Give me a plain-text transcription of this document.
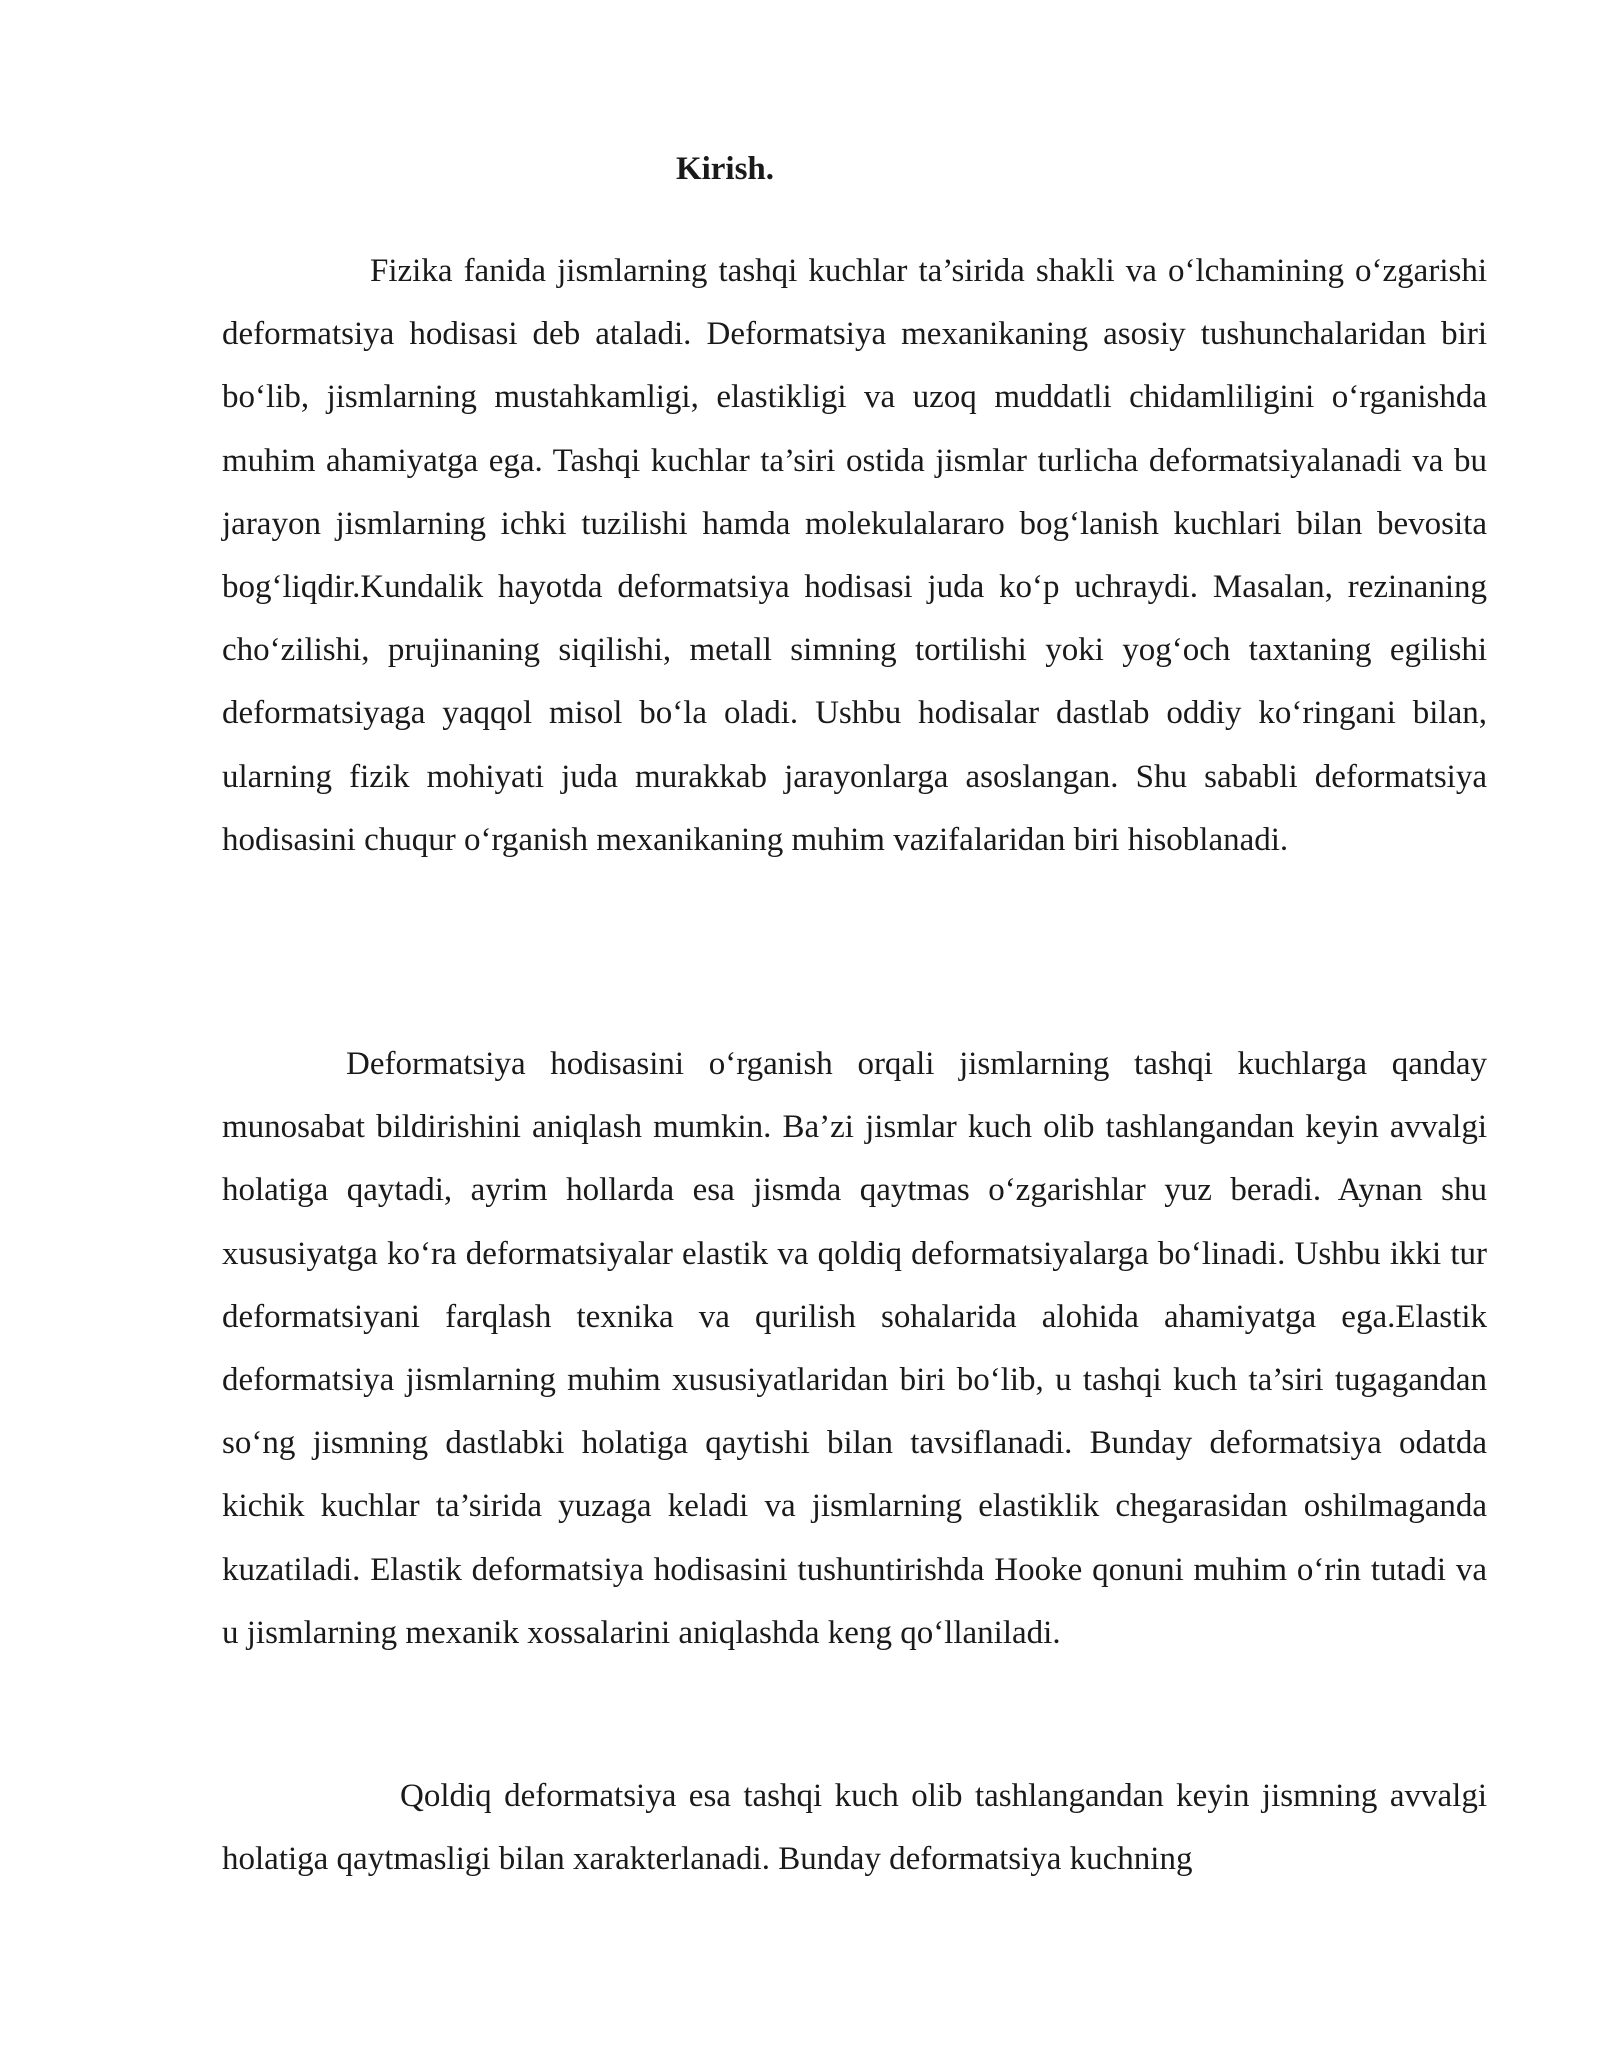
Kirish.

Fizika fanida jismlarning tashqi kuchlar ta’sirida shakli va o‘lchamining o‘zgarishi deformatsiya hodisasi deb ataladi. Deformatsiya mexanikaning asosiy tushunchalaridan biri bo‘lib, jismlarning mustahkamligi, elastikligi va uzoq muddatli chidamliligini o‘rganishda muhim ahamiyatga ega. Tashqi kuchlar ta’siri ostida jismlar turlicha deformatsiyalanadi va bu jarayon jismlarning ichki tuzilishi hamda molekulalararo bog‘lanish kuchlari bilan bevosita bog‘liqdir.Kundalik hayotda deformatsiya hodisasi juda ko‘p uchraydi. Masalan, rezinaning cho‘zilishi, prujinaning siqilishi, metall simning tortilishi yoki yog‘och taxtaning egilishi deformatsiyaga yaqqol misol bo‘la oladi. Ushbu hodisalar dastlab oddiy ko‘ringani bilan, ularning fizik mohiyati juda murakkab jarayonlarga asoslangan. Shu sababli deformatsiya hodisasini chuqur o‘rganish mexanikaning muhim vazifalaridan biri hisoblanadi.

Deformatsiya hodisasini o‘rganish orqali jismlarning tashqi kuchlarga qanday munosabat bildirishini aniqlash mumkin. Ba’zi jismlar kuch olib tashlangandan keyin avvalgi holatiga qaytadi, ayrim hollarda esa jismda qaytmas o‘zgarishlar yuz beradi. Aynan shu xususiyatga ko‘ra deformatsiyalar elastik va qoldiq deformatsiyalarga bo‘linadi. Ushbu ikki tur deformatsiyani farqlash texnika va qurilish sohalarida alohida ahamiyatga ega.Elastik deformatsiya jismlarning muhim xususiyatlaridan biri bo‘lib, u tashqi kuch ta’siri tugagandan so‘ng jismning dastlabki holatiga qaytishi bilan tavsiflanadi. Bunday deformatsiya odatda kichik kuchlar ta’sirida yuzaga keladi va jismlarning elastiklik chegarasidan oshilmaganda kuzatiladi. Elastik deformatsiya hodisasini tushuntirishda Hooke qonuni muhim o‘rin tutadi va u jismlarning mexanik xossalarini aniqlashda keng qo‘llaniladi.

Qoldiq deformatsiya esa tashqi kuch olib tashlangandan keyin jismning avvalgi holatiga qaytmasligi bilan xarakterlanadi. Bunday deformatsiya kuchning
